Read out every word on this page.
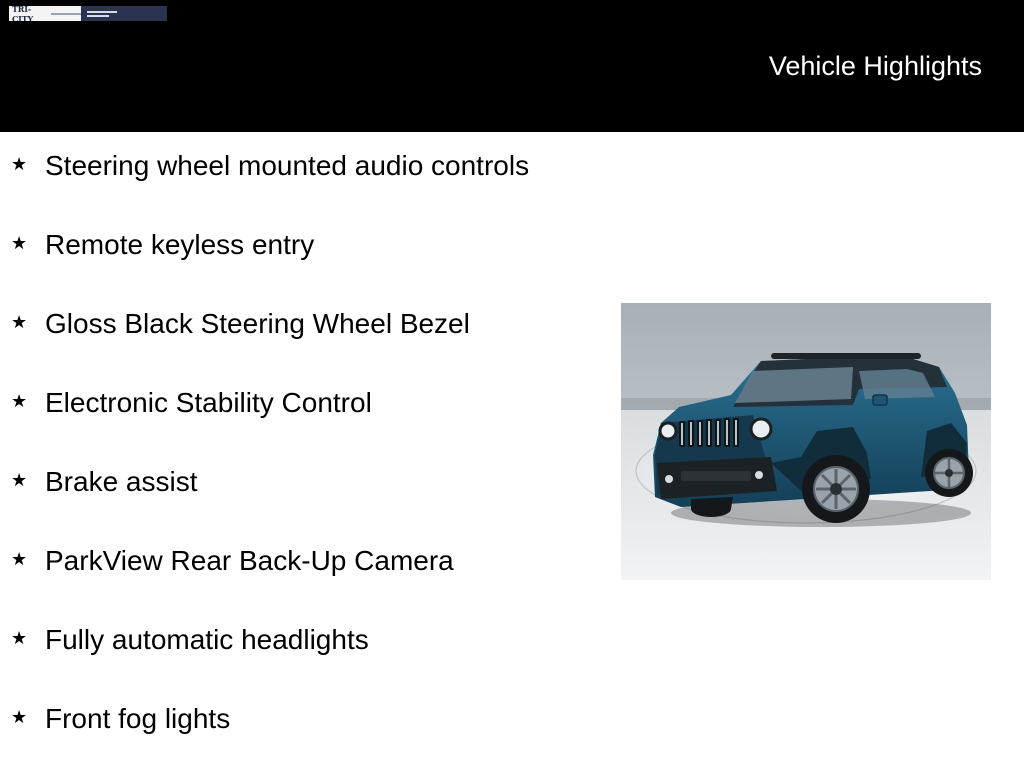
TRI-CITY
Vehicle Highlights
★ Steering wheel mounted audio controls
★ Remote keyless entry
★ Gloss Black Steering Wheel Bezel
★ Electronic Stability Control
★ Brake assist
★ ParkView Rear Back-Up Camera
★ Fully automatic headlights
★ Front fog lights
